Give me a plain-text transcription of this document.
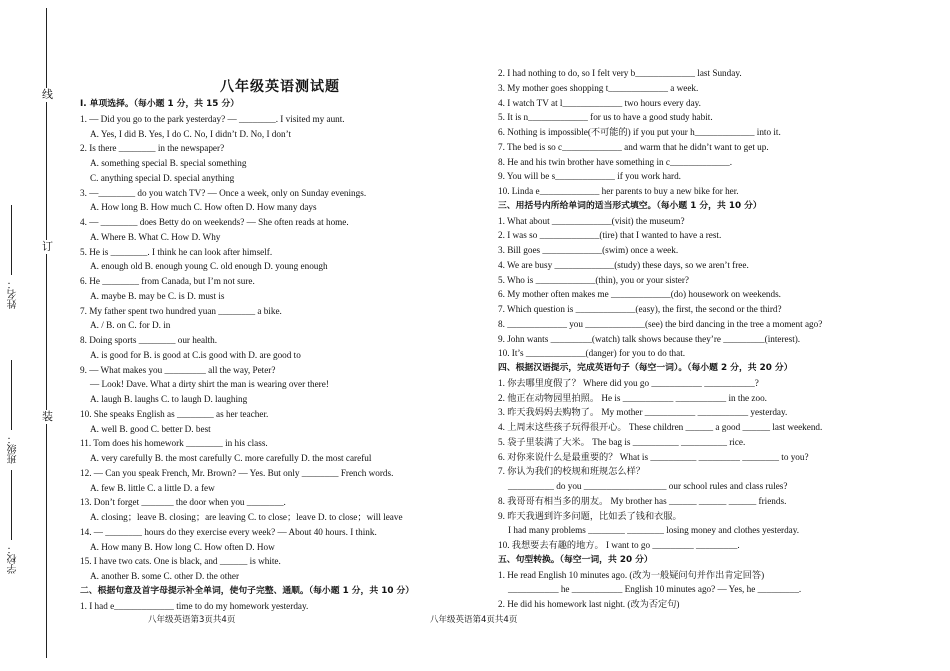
线
订
装
姓名：
班级：
学校：
八年级英语测试题
I. 单项选择。（每小题 1 分，共 15 分）
1. — Did you go to the park yesterday? — ________. I visited my aunt.
A. Yes, I did B. Yes, I do C. No, I didn’t D. No, I don’t
2. Is there ________ in the newspaper?
A. something special B. special something
C. anything special D. special anything
3. —________ do you watch TV? — Once a week, only on Sunday evenings.
A. How long B. How much C. How often D. How many days
4. — ________ does Betty do on weekends? — She often reads at home.
A. Where B. What C. How D. Why
5. He is ________. I think he can look after himself.
A. enough old B. enough young C. old enough D. young enough
6. He ________ from Canada, but I’m not sure.
A. maybe B. may be C. is D. must is
7. My father spent two hundred yuan ________ a bike.
A. / B. on C. for D. in
8. Doing sports ________ our health.
A. is good for B. is good at C.is good with D. are good to
9. — What makes you _________ all the way, Peter?
— Look! Dave. What a dirty shirt the man is wearing over there!
A. laugh B. laughs C. to laugh D. laughing
10. She speaks English as ________ as her teacher.
A. well B. good C. better D. best
11. Tom does his homework ________ in his class.
A. very carefully B. the most carefully C. more carefully D. the most careful
12. — Can you speak French, Mr. Brown? — Yes. But only ________ French words.
A. few B. little C. a little D. a few
13. Don’t forget _______ the door when you ________.
A. closing；leave B. closing；are leaving C. to close；leave D. to close；will leave
14. — ________ hours do they exercise every week? — About 40 hours. I think.
A. How many B. How long C. How often D. How
15. I have two cats. One is black, and ______ is white.
A. another B. some C. other D. the other
二、根据句意及首字母提示补全单词，使句子完整、通顺。（每小题 1 分，共 10 分）
1. I had e_____________ time to do my homework yesterday.
2. I had nothing to do, so I felt very b_____________ last Sunday.
3. My mother goes shopping t_____________ a week.
4. I watch TV at l_____________ two hours every day.
5. It is n_____________ for us to have a good study habit.
6. Nothing is impossible(不可能的) if you put your h_____________ into it.
7. The bed is so c_____________ and warm that he didn’t want to get up.
8. He and his twin brother have something in c_____________.
9. You will be s_____________ if you work hard.
10. Linda e_____________ her parents to buy a new bike for her.
三、用括号内所给单词的适当形式填空。（每小题 1 分，共 10 分）
1. What about _____________(visit) the museum?
2. I was so _____________(tire) that I wanted to have a rest.
3. Bill goes _____________(swim) once a week.
4. We are busy _____________(study) these days, so we aren’t free.
5. Who is _____________(thin), you or your sister?
6. My mother often makes me _____________(do) housework on weekends.
7. Which question is _____________(easy), the first, the second or the third?
8. _____________ you _____________(see) the bird dancing in the tree a moment ago?
9. John wants _________(watch) talk shows because they’re _________(interest).
10. It’s _____________(danger) for you to do that.
四、根据汉语提示，完成英语句子（每空一词）。（每小题 2 分，共 20 分）
1. 你去哪里度假了？ Where did you go ___________ ___________?
2. 他正在动物园里拍照。 He is ___________ ___________ in the zoo.
3. 昨天我妈妈去购物了。 My mother ___________ ___________ yesterday.
4. 上周末这些孩子玩得很开心。 These children ______ a good ______ last weekend.
5. 袋子里装满了大米。 The bag is __________ __________ rice.
6. 对你来说什么是最重要的？ What is __________ _________ ________ to you?
7. 你认为我们的校规和班规怎么样？
__________ do you __________________ our school rules and class rules?
8. 我哥哥有相当多的朋友。 My brother has ______ ______ ______ friends.
9. 昨天我遇到许多问题，比如丢了钱和衣服。
I had many problems ________ ________ losing money and clothes yesterday.
10. 我想要去有趣的地方。 I want to go _________ _________.
五、句型转换。（每空一词，共 20 分）
1. He read English 10 minutes ago. (改为一般疑问句并作出肯定回答)
___________ he ___________ English 10 minutes ago? — Yes, he _________.
2. He did his homework last night. (改为否定句)
八年级英语第3页共4页	八年级英语第4页共4页
